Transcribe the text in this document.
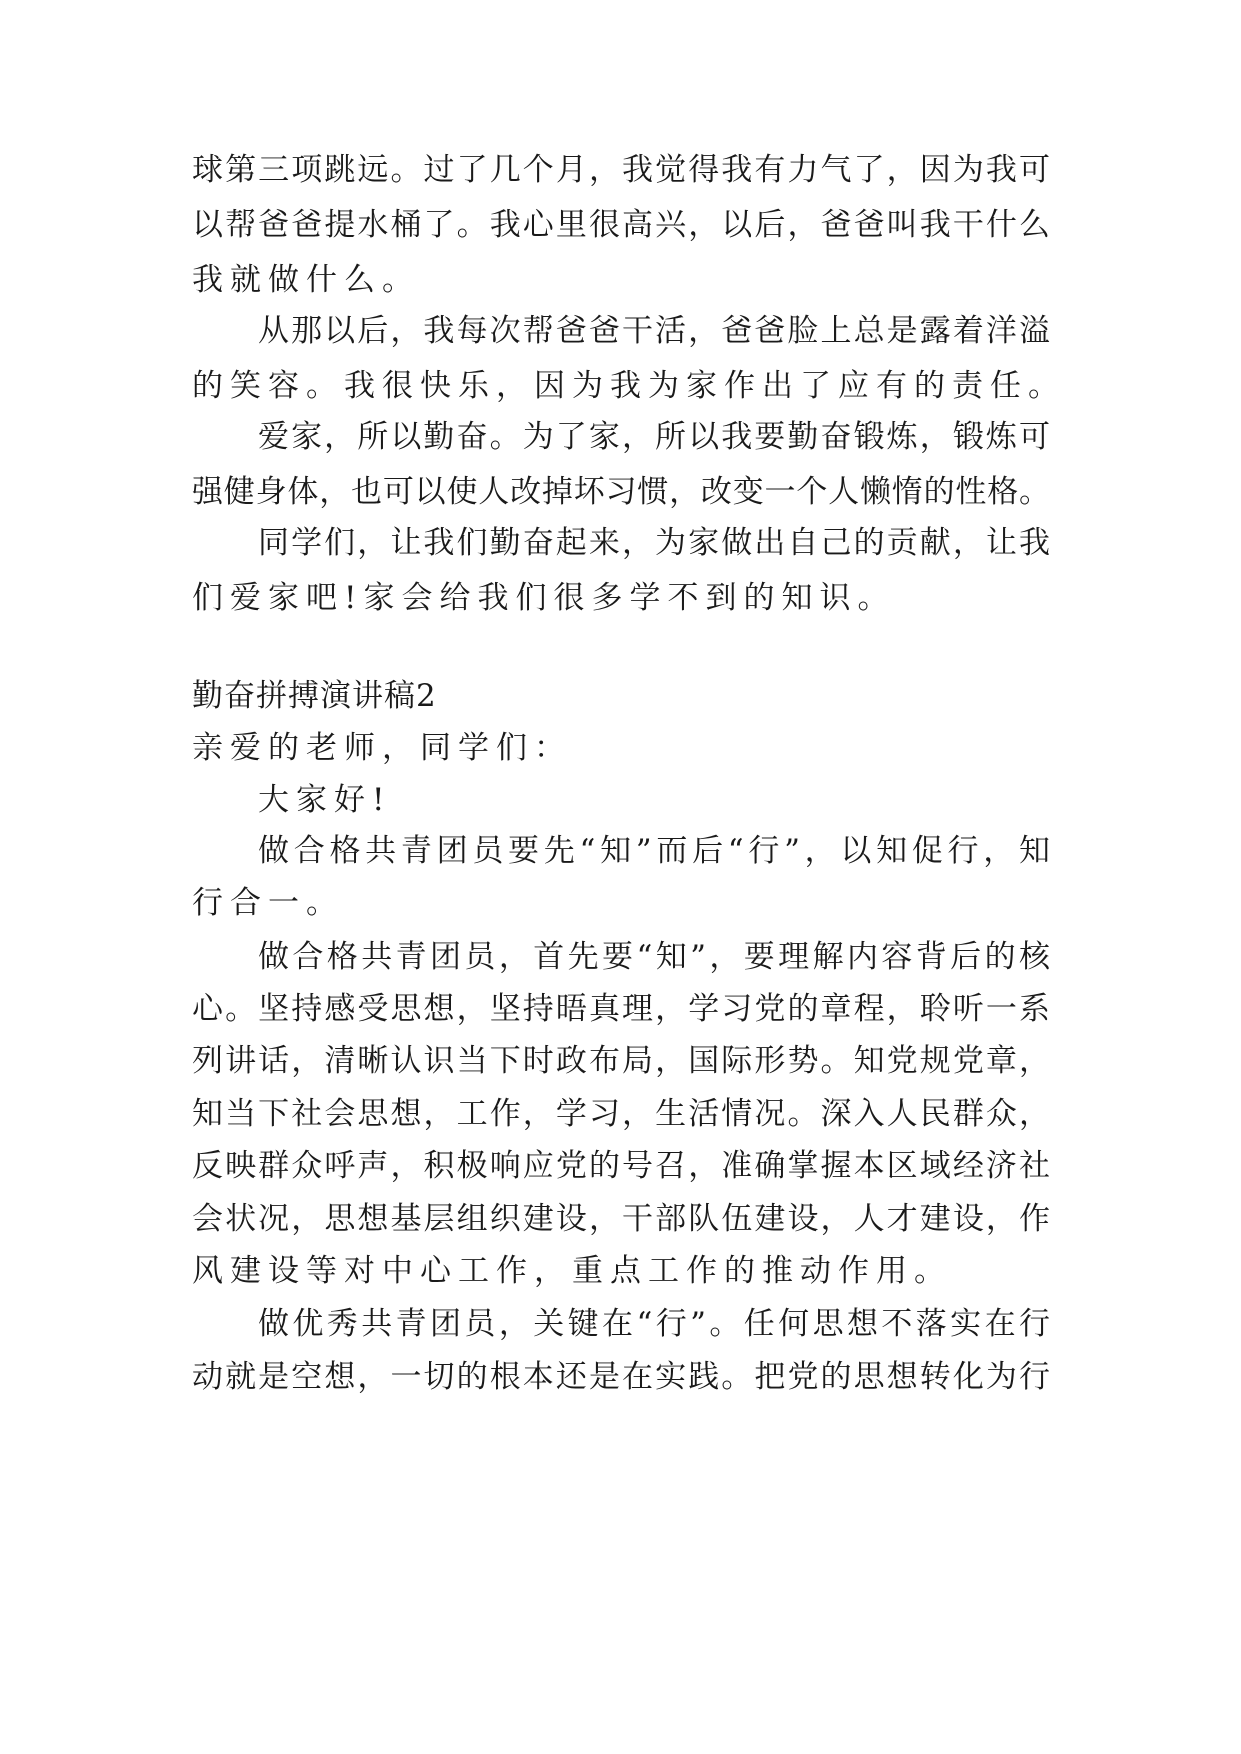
球第三项跳远。过了几个月，我觉得我有力气了，因为我可
以帮爸爸提水桶了。我心里很高兴，以后，爸爸叫我干什么
我就做什么。
从那以后，我每次帮爸爸干活，爸爸脸上总是露着洋溢
的笑容。我很快乐，因为我为家作出了应有的责任。
爱家，所以勤奋。为了家，所以我要勤奋锻炼，锻炼可
强健身体，也可以使人改掉坏习惯，改变一个人懒惰的性格。
同学们，让我们勤奋起来，为家做出自己的贡献，让我
们爱家吧!家会给我们很多学不到的知识。
勤奋拼搏演讲稿2
亲爱的老师，同学们：
大家好!
做合格共青团员要先“知”而后“行”，以知促行，知
行合一。
做合格共青团员，首先要“知”，要理解内容背后的核
心。坚持感受思想，坚持晤真理，学习党的章程，聆听一系
列讲话，清晰认识当下时政布局，国际形势。知党规党章，
知当下社会思想，工作，学习，生活情况。深入人民群众，
反映群众呼声，积极响应党的号召，准确掌握本区域经济社
会状况，思想基层组织建设，干部队伍建设，人才建设，作
风建设等对中心工作，重点工作的推动作用。
做优秀共青团员，关键在“行”。任何思想不落实在行
动就是空想，一切的根本还是在实践。把党的思想转化为行
